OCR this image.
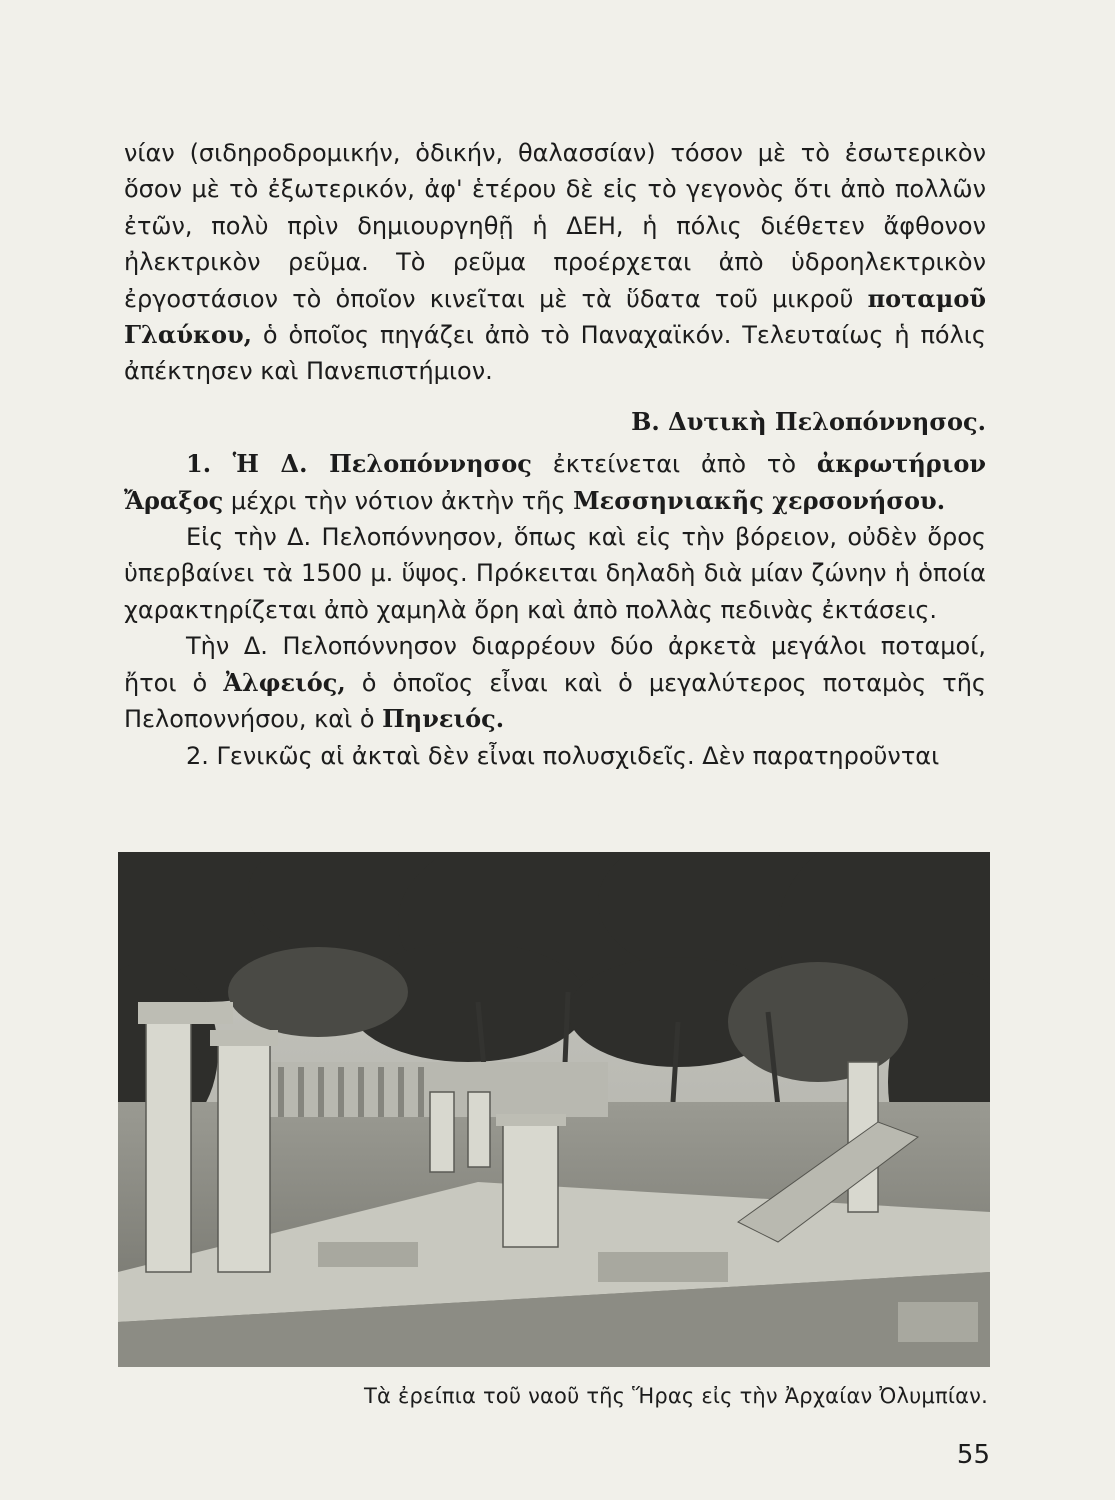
νίαν (σιδηροδρομικήν, ὁδικήν, θαλασσίαν) τόσον μὲ τὸ ἐσωτερικὸν ὅσον μὲ τὸ ἐξωτερικόν, ἀφ' ἑτέρου δὲ εἰς τὸ γεγονὸς ὅτι ἀπὸ πολλῶν ἐτῶν, πολὺ πρὶν δημιουργηθῇ ἡ ΔΕΗ, ἡ πόλις διέθετεν ἄφθονον ἠλεκτρικὸν ρεῦμα. Τὸ ρεῦμα προέρχεται ἀπὸ ὑδροηλεκτρικὸν ἐργοστάσιον τὸ ὁποῖον κινεῖται μὲ τὰ ὕδατα τοῦ μικροῦ ποταμοῦ Γλαύκου, ὁ ὁποῖος πηγάζει ἀπὸ τὸ Παναχαϊκόν. Τελευταίως ἡ πόλις ἀπέκτησεν καὶ Πανεπιστήμιον.

Β. Δυτικὴ Πελοπόννησος.

1. Ἡ Δ. Πελοπόννησος ἐκτείνεται ἀπὸ τὸ ἀκρωτήριον Ἄραξος μέχρι τὴν νότιον ἀκτὴν τῆς Μεσσηνιακῆς χερσονήσου.

Εἰς τὴν Δ. Πελοπόννησον, ὅπως καὶ εἰς τὴν βόρειον, οὐδὲν ὄρος ὑπερβαίνει τὰ 1500 μ. ὕψος. Πρόκειται δηλαδὴ διὰ μίαν ζώνην ἡ ὁποία χαρακτηρίζεται ἀπὸ χαμηλὰ ὄρη καὶ ἀπὸ πολλὰς πεδινὰς ἐκτάσεις.

Τὴν Δ. Πελοπόννησον διαρρέουν δύο ἀρκετὰ μεγάλοι ποταμοί, ἤτοι ὁ Ἀλφειός, ὁ ὁποῖος εἶναι καὶ ὁ μεγαλύτερος ποταμὸς τῆς Πελοποννήσου, καὶ ὁ Πηνειός.

2. Γενικῶς αἱ ἀκταὶ δὲν εἶναι πολυσχιδεῖς. Δὲν παρατηροῦνται

Τὰ ἐρείπια τοῦ ναοῦ τῆς Ἥρας εἰς τὴν Ἀρχαίαν Ὀλυμπίαν.
55
